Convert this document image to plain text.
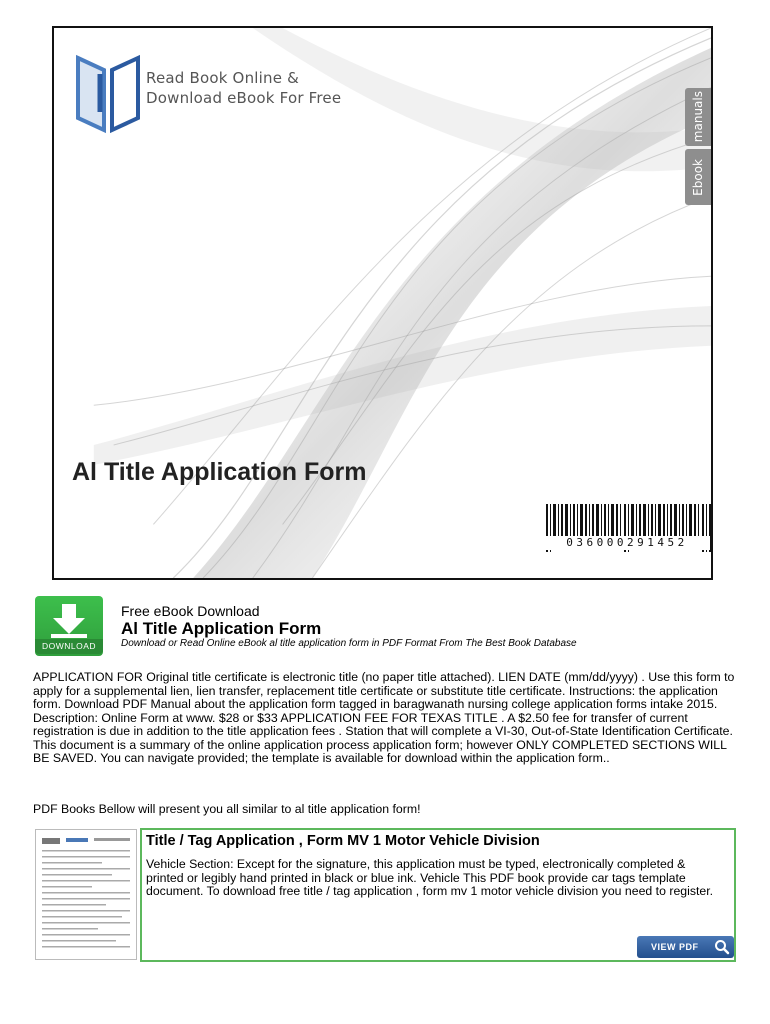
Read Book Online &
Download eBook For Free	manuals
Ebook
Al Title Application Form
036000291452
DOWNLOAD
Free eBook Download
Al Title Application Form
Download or Read Online eBook al title application form in PDF Format From The Best Book Database
APPLICATION FOR Original title certificate is electronic title (no paper title attached). LIEN DATE (mm/dd/yyyy) . Use this form to apply for a supplemental lien, lien transfer, replacement title certificate or substitute title certificate. Instructions: the application form. Download PDF Manual about the application form tagged in baragwanath nursing college application forms intake 2015. Description: Online Form at www. $28 or $33 APPLICATION FEE FOR TEXAS TITLE . A $2.50 fee for transfer of current registration is due in addition to the title application fees . Station that will complete a VI-30, Out-of-State Identification Certificate. This document is a summary of the online application process application form; however ONLY COMPLETED SECTIONS WILL BE SAVED. You can navigate provided; the template is available for download within the application form..
PDF Books Bellow will present you all similar to al title application form!
Title / Tag Application , Form MV 1 Motor Vehicle Division
Vehicle Section: Except for the signature, this application must be typed, electronically completed & printed or legibly hand printed in black or blue ink. Vehicle This PDF book provide car tags template document. To download free title / tag application , form mv 1 motor vehicle division you need to register.
VIEW PDF
